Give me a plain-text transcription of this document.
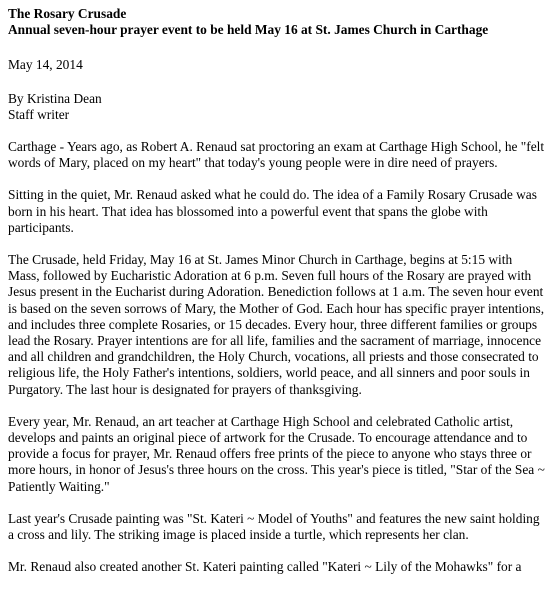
The Rosary Crusade
Annual seven-hour prayer event to be held May 16 at St. James Church in Carthage

May 14, 2014

By Kristina Dean
Staff writer

Carthage - Years ago, as Robert A. Renaud sat proctoring an exam at Carthage High School, he "felt words of Mary, placed on my heart" that today's young people were in dire need of prayers.

Sitting in the quiet, Mr. Renaud asked what he could do. The idea of a Family Rosary Crusade was born in his heart. That idea has blossomed into a powerful event that spans the globe with participants.

The Crusade, held Friday, May 16 at St. James Minor Church in Carthage, begins at 5:15 with Mass, followed by Eucharistic Adoration at 6 p.m. Seven full hours of the Rosary are prayed with Jesus present in the Eucharist during Adoration. Benediction follows at 1 a.m. The seven hour event is based on the seven sorrows of Mary, the Mother of God. Each hour has specific prayer intentions, and includes three complete Rosaries, or 15 decades. Every hour, three different families or groups lead the Rosary. Prayer intentions are for all life, families and the sacrament of marriage, innocence and all children and grandchildren, the Holy Church, vocations, all priests and those consecrated to religious life, the Holy Father's intentions, soldiers, world peace, and all sinners and poor souls in Purgatory. The last hour is designated for prayers of thanksgiving.

Every year, Mr. Renaud, an art teacher at Carthage High School and celebrated Catholic artist, develops and paints an original piece of artwork for the Crusade. To encourage attendance and to provide a focus for prayer, Mr. Renaud offers free prints of the piece to anyone who stays three or more hours, in honor of Jesus's three hours on the cross. This year's piece is titled, "Star of the Sea ~ Patiently Waiting."

Last year's Crusade painting was "St. Kateri ~ Model of Youths" and features the new saint holding a cross and lily. The striking image is placed inside a turtle, which represents her clan.

Mr. Renaud also created another St. Kateri painting called "Kateri ~ Lily of the Mohawks" for a
